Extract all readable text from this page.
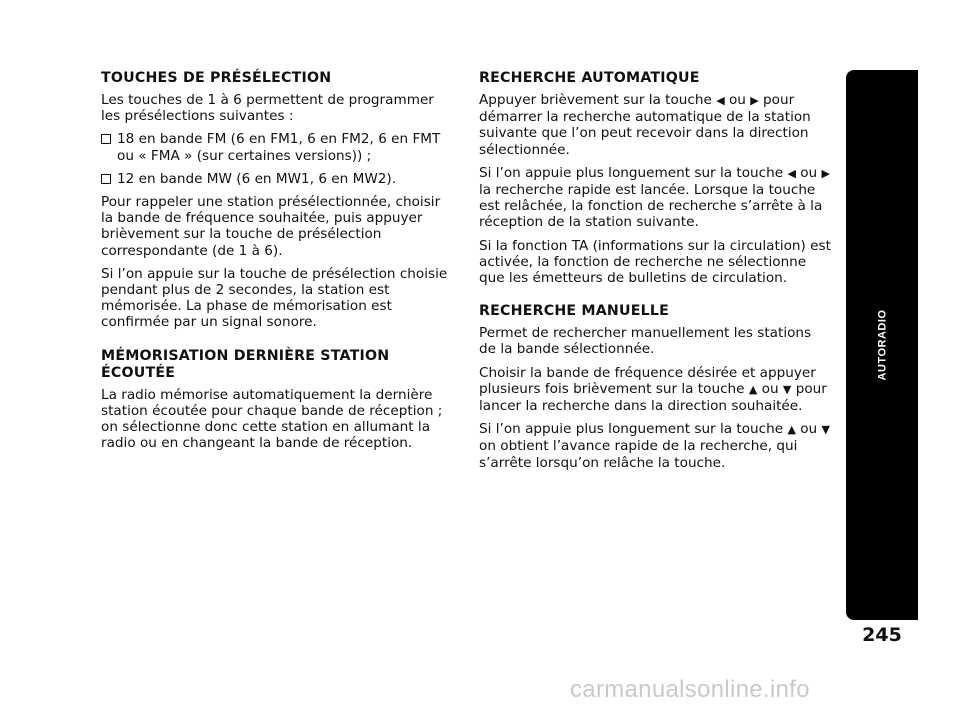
TOUCHES DE PRÉSÉLECTION

Les touches de 1 à 6 permettent de programmer les présélections suivantes :

18 en bande FM (6 en FM1, 6 en FM2, 6 en FMT
ou « FMA » (sur certaines versions)) ;
12 en bande MW (6 en MW1, 6 en MW2).

Pour rappeler une station présélectionnée, choisir la bande de fréquence souhaitée, puis appuyer brièvement sur la touche de présélection correspondante (de 1 à 6).

Si l’on appuie sur la touche de présélection choisie pendant plus de 2 secondes, la station est mémorisée. La phase de mémorisation est confirmée par un signal sonore.

MÉMORISATION DERNIÈRE STATION ÉCOUTÉE

La radio mémorise automatiquement la dernière station écoutée pour chaque bande de réception ; on sélectionne donc cette station en allumant la radio ou en changeant la bande de réception.

RECHERCHE AUTOMATIQUE

Appuyer brièvement sur la touche ◀ ou ▶ pour démarrer la recherche automatique de la station suivante que l’on peut recevoir dans la direction sélectionnée.

Si l’on appuie plus longuement sur la touche ◀ ou ▶ la recherche rapide est lancée. Lorsque la touche est relâchée, la fonction de recherche s’arrête à la réception de la station suivante.

Si la fonction TA (informations sur la circulation) est activée, la fonction de recherche ne sélectionne que les émetteurs de bulletins de circulation.

RECHERCHE MANUELLE

Permet de rechercher manuellement les stations de la bande sélectionnée.

Choisir la bande de fréquence désirée et appuyer plusieurs fois brièvement sur la touche ▲ ou ▼ pour lancer la recherche dans la direction souhaitée.

Si l’on appuie plus longuement sur la touche ▲ ou ▼ on obtient l’avance rapide de la recherche, qui s’arrête lorsqu’on relâche la touche.

AUTORADIO
245
carmanualsonline.info
